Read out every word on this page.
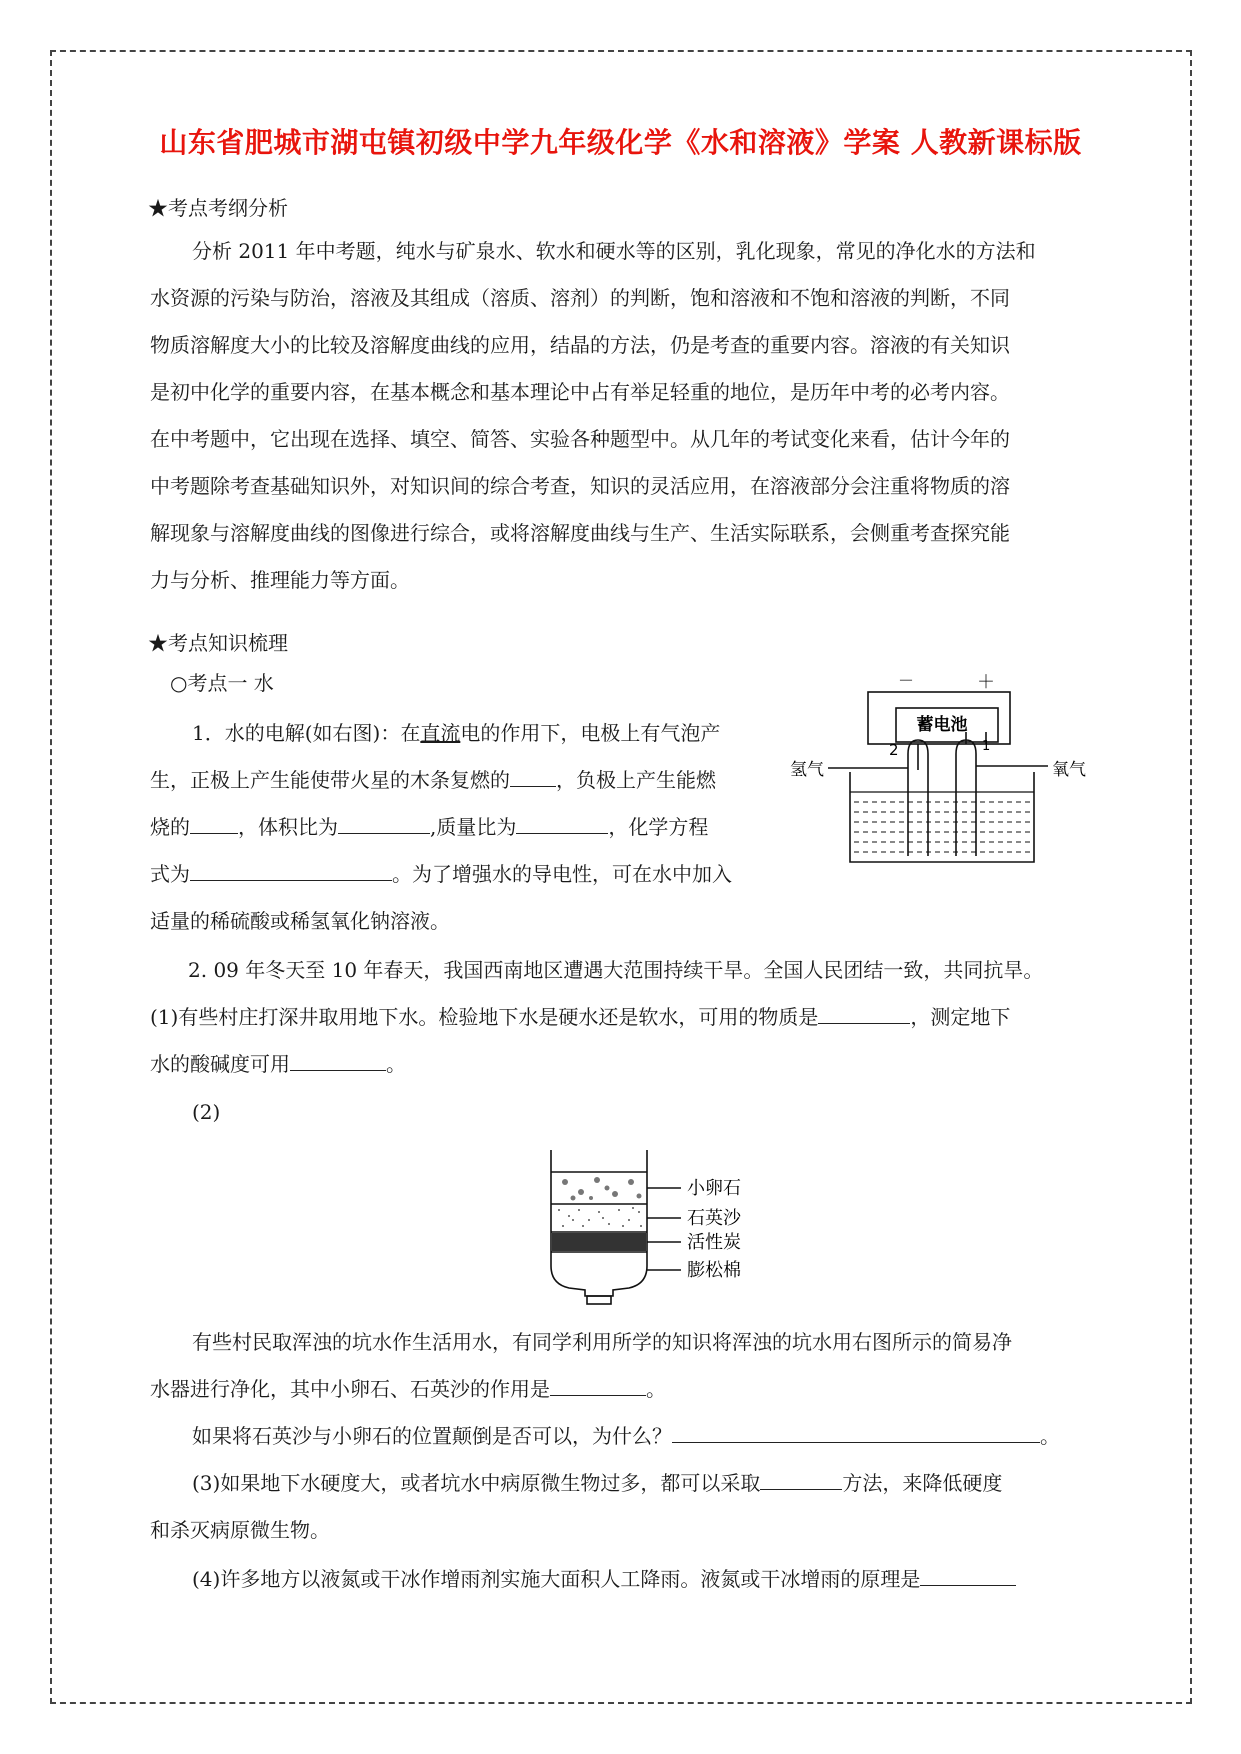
山东省肥城市湖屯镇初级中学九年级化学《水和溶液》学案 人教新课标版
★考点考纲分析
分析 2011 年中考题，纯水与矿泉水、软水和硬水等的区别，乳化现象，常见的净化水的方法和
水资源的污染与防治，溶液及其组成（溶质、溶剂）的判断，饱和溶液和不饱和溶液的判断，不同
物质溶解度大小的比较及溶解度曲线的应用，结晶的方法，仍是考查的重要内容。溶液的有关知识
是初中化学的重要内容，在基本概念和基本理论中占有举足轻重的地位，是历年中考的必考内容。
在中考题中，它出现在选择、填空、简答、实验各种题型中。从几年的考试变化来看，估计今年的
中考题除考查基础知识外，对知识间的综合考查，知识的灵活应用，在溶液部分会注重将物质的溶
解现象与溶解度曲线的图像进行综合，或将溶解度曲线与生产、生活实际联系，会侧重考查探究能
力与分析、推理能力等方面。
★考点知识梳理
○考点一 水
1．水的电解(如右图)：在直流电的作用下，电极上有气泡产
生，正极上产生能使带火星的木条复燃的 ，负极上产生能燃
烧的 ，体积比为	,质量比为	，化学方程
式为	。为了增强水的导电性，可在水中加入
适量的稀硫酸或稀氢氧化钠溶液。
－	＋
蓄电池
2	1
氢气	氧气
2. 09 年冬天至 10 年春天，我国西南地区遭遇大范围持续干旱。全国人民团结一致，共同抗旱。
(1)有些村庄打深井取用地下水。检验地下水是硬水还是软水，可用的物质是	，测定地下
水的酸碱度可用	。
(2)
小卵石
石英沙
活性炭
膨松棉
有些村民取浑浊的坑水作生活用水，有同学利用所学的知识将浑浊的坑水用右图所示的简易净
水器进行净化，其中小卵石、石英沙的作用是	。
如果将石英沙与小卵石的位置颠倒是否可以，为什么？	。
(3)如果地下水硬度大，或者坑水中病原微生物过多，都可以采取	方法，来降低硬度
和杀灭病原微生物。
(4)许多地方以液氮或干冰作增雨剂实施大面积人工降雨。液氮或干冰增雨的原理是
